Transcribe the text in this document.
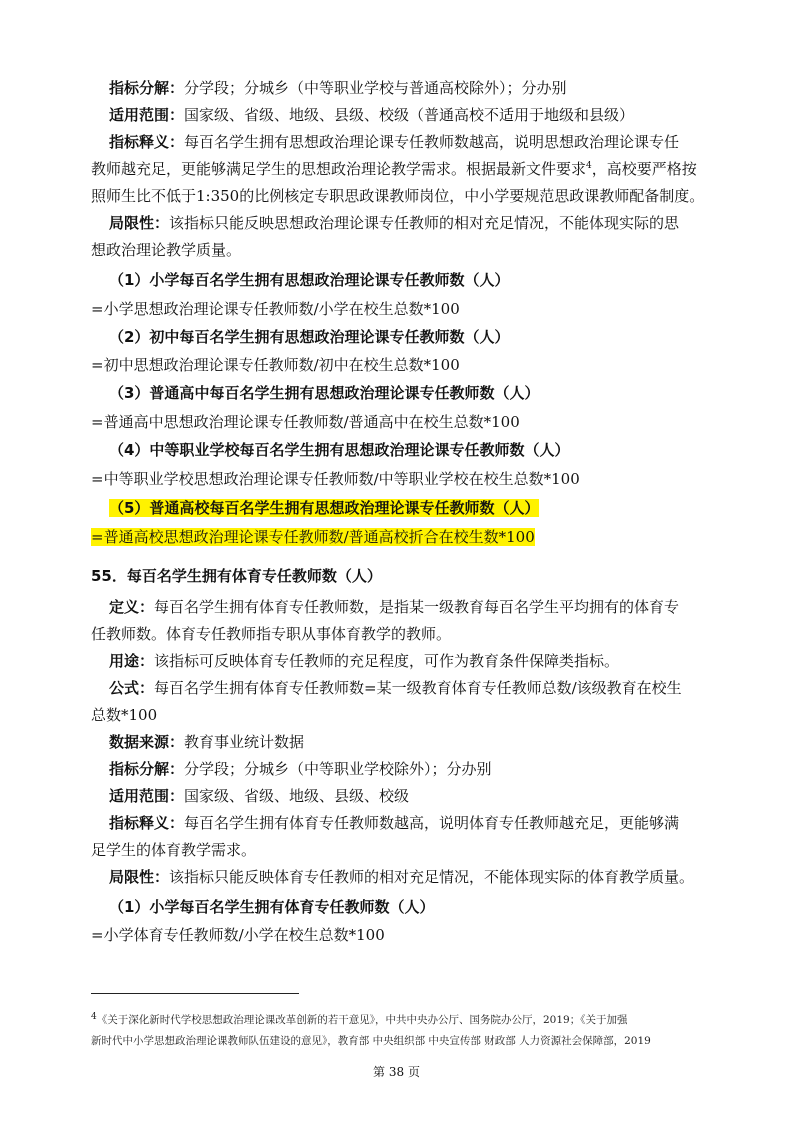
指标分解：分学段；分城乡（中等职业学校与普通高校除外）；分办别
适用范围：国家级、省级、地级、县级、校级（普通高校不适用于地级和县级）
指标释义：每百名学生拥有思想政治理论课专任教师数越高，说明思想政治理论课专任
教师越充足，更能够满足学生的思想政治理论教学需求。根据最新文件要求$^4$，高校要严格按
照师生比不低于1:350的比例核定专职思政课教师岗位，中小学要规范思政课教师配备制度。
局限性：该指标只能反映思想政治理论课专任教师的相对充足情况，不能体现实际的思
想政治理论教学质量。
（1）小学每百名学生拥有思想政治理论课专任教师数（人）
=小学思想政治理论课专任教师数/小学在校生总数*100
（2）初中每百名学生拥有思想政治理论课专任教师数（人）
=初中思想政治理论课专任教师数/初中在校生总数*100
（3）普通高中每百名学生拥有思想政治理论课专任教师数（人）
=普通高中思想政治理论课专任教师数/普通高中在校生总数*100
（4）中等职业学校每百名学生拥有思想政治理论课专任教师数（人）
=中等职业学校思想政治理论课专任教师数/中等职业学校在校生总数*100
（5）普通高校每百名学生拥有思想政治理论课专任教师数（人）
=普通高校思想政治理论课专任教师数/普通高校折合在校生数*100
55．每百名学生拥有体育专任教师数（人）
定义：每百名学生拥有体育专任教师数，是指某一级教育每百名学生平均拥有的体育专
任教师数。体育专任教师指专职从事体育教学的教师。
用途：该指标可反映体育专任教师的充足程度，可作为教育条件保障类指标。
公式：每百名学生拥有体育专任教师数=某一级教育体育专任教师总数/该级教育在校生
总数*100
数据来源：教育事业统计数据
指标分解：分学段；分城乡（中等职业学校除外）；分办别
适用范围：国家级、省级、地级、县级、校级
指标释义：每百名学生拥有体育专任教师数越高，说明体育专任教师越充足，更能够满
足学生的体育教学需求。
局限性：该指标只能反映体育专任教师的相对充足情况，不能体现实际的体育教学质量。
（1）小学每百名学生拥有体育专任教师数（人）
=小学体育专任教师数/小学在校生总数*100
$^4$《关于深化新时代学校思想政治理论课改革创新的若干意见》，中共中央办公厅、国务院办公厅，2019；《关于加强
新时代中小学思想政治理论课教师队伍建设的意见》，教育部 中央组织部 中央宣传部 财政部 人力资源社会保障部，2019
第 38 页
